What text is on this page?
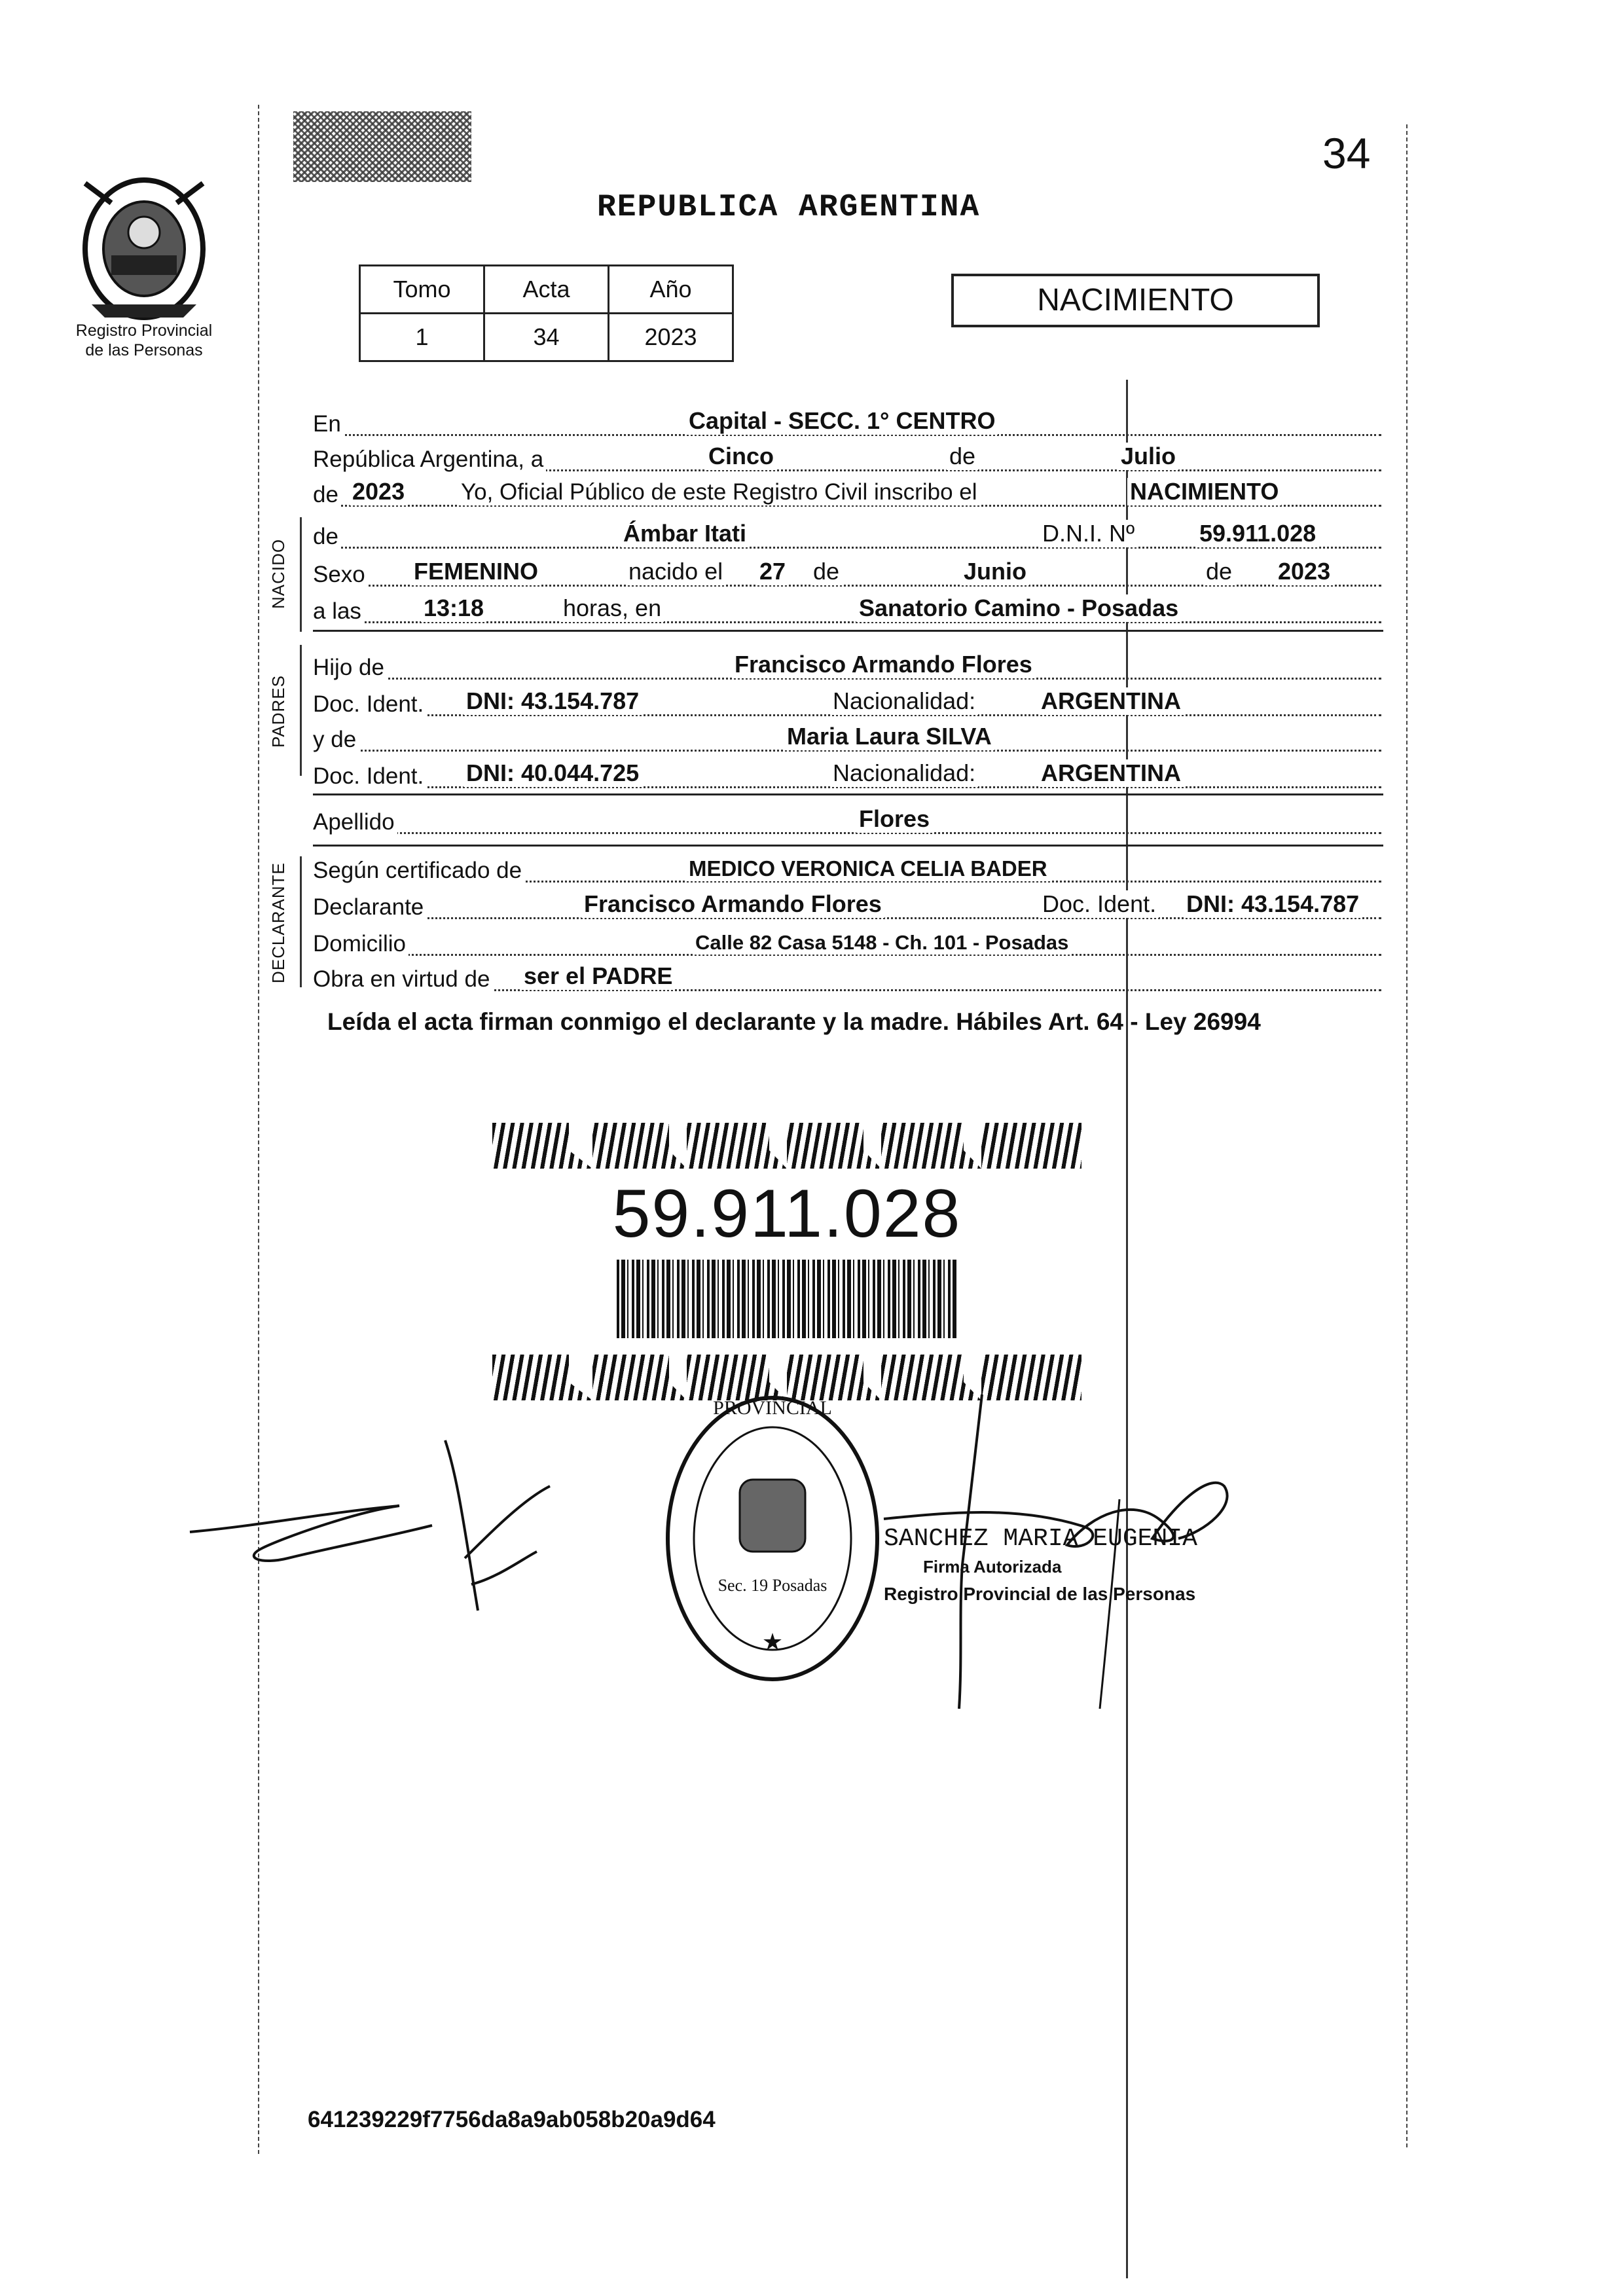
34
REPUBLICA ARGENTINA
Registro Provincial
de las Personas
Tomo	Acta	Año
1	34	2023
NACIMIENTO
NACIDO
PADRES
DECLARANTE
En	Capital - SECC. 1° CENTRO
República Argentina, a	Cinco	de	Julio
de 2023 Yo, Oficial Público de este Registro Civil inscribo el	NACIMIENTO
de	Ámbar Itati	D.N.I. Nº	59.911.028
Sexo FEMENINO	nacido el 27 de	Junio	de 2023
a las	13:18	horas, en	Sanatorio Camino - Posadas
Hijo de	Francisco Armando Flores
Doc. Ident. DNI: 43.154.787	Nacionalidad:	ARGENTINA
y de	Maria Laura SILVA
Doc. Ident. DNI: 40.044.725	Nacionalidad:	ARGENTINA
Apellido	Flores
Según certificado de	MEDICO VERONICA CELIA BADER
Declarante	Francisco Armando Flores	Doc. Ident. DNI: 43.154.787
Domicilio	Calle 82 Casa 5148 - Ch. 101 - Posadas
Obra en virtud de ser el PADRE
Leída el acta firman conmigo el declarante y la madre. Hábiles Art. 64 - Ley 26994
59.911.028
PROVINCIAL
Sec. 19 Posadas
★
SANCHEZ MARIA EUGENIA
Firma Autorizada
Registro Provincial de las Personas
641239229f7756da8a9ab058b20a9d64
